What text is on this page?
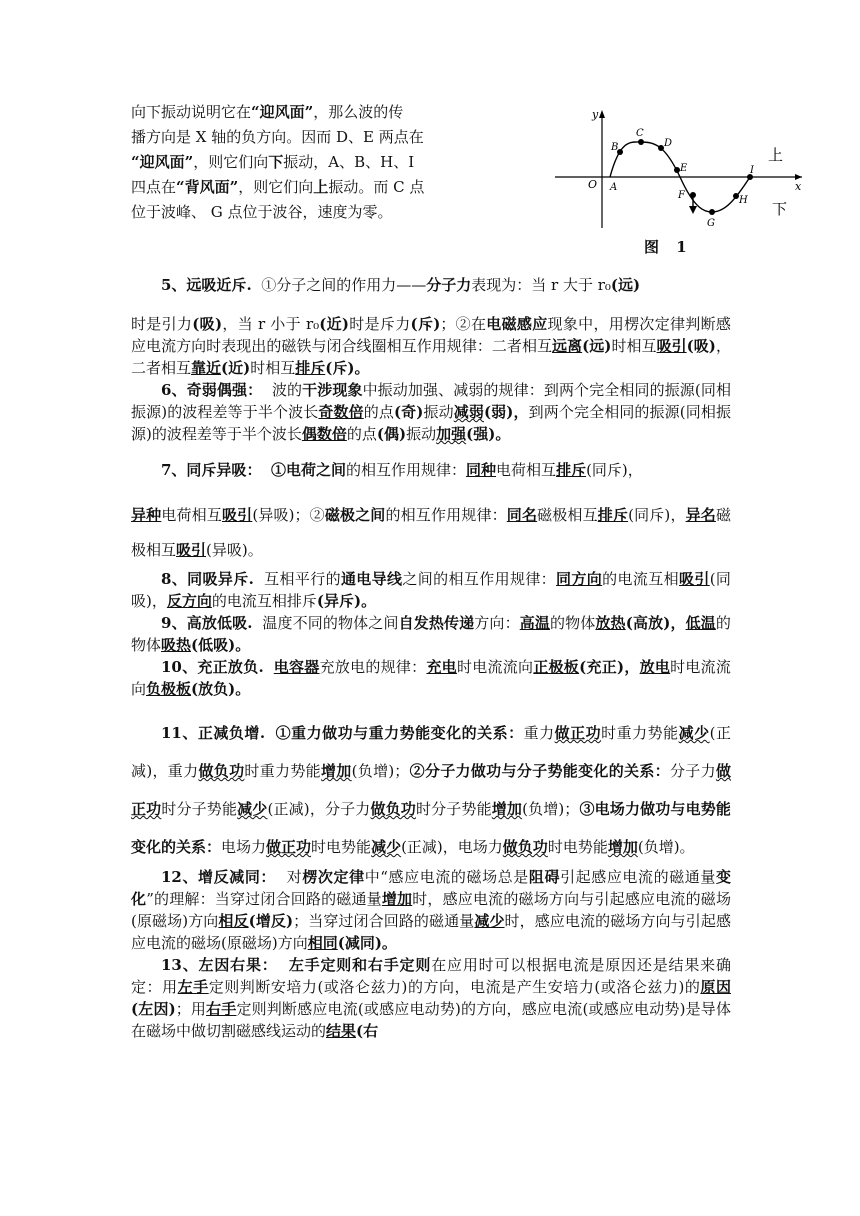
向下振动说明它在“迎风面”，那么波的传
播方向是 X 轴的负方向。因而 D、E 两点在
“迎风面”，则它们向下振动，A、B、H、I
四点在“背风面”，则它们向上振动。而 C 点
位于波峰、 G 点位于波谷，速度为零。
y
x
O A
B
C
D
E
F
G
H
I
上
下
图 1

5、远吸近斥. ①分子之间的作用力——分子力表现为：当 r 大于 r₀(远)

时是引力(吸)，当 r 小于 r₀(近)时是斥力(斥)；②在电磁感应现象中，用楞次定律判断感应电流方向时表现出的磁铁与闭合线圈相互作用规律：二者相互远离(远)时相互吸引(吸)，二者相互靠近(近)时相互排斥(斥)。

6、奇弱偶强： 波的干涉现象中振动加强、减弱的规律：到两个完全相同的振源(同相振源)的波程差等于半个波长奇数倍的点(奇)振动减弱(弱)，到两个完全相同的振源(同相振源)的波程差等于半个波长偶数倍的点(偶)振动加强(强)。

7、同斥异吸： ①电荷之间的相互作用规律：同种电荷相互排斥(同斥)，

异种电荷相互吸引(异吸)；②磁极之间的相互作用规律：同名磁极相互排斥(同斥)，异名磁极相互吸引(异吸)。

8、同吸异斥. 互相平行的通电导线之间的相互作用规律：同方向的电流互相吸引(同吸)，反方向的电流互相排斥(异斥)。

9、高放低吸. 温度不同的物体之间自发热传递方向：高温的物体放热(高放)，低温的物体吸热(低吸)。

10、充正放负. 电容器充放电的规律：充电时电流流向正极板(充正)，放电时电流流向负极板(放负)。

11、正减负增. ①重力做功与重力势能变化的关系：重力做正功时重力势能减少(正减)，重力做负功时重力势能增加(负增)；②分子力做功与分子势能变化的关系：分子力做正功时分子势能减少(正减)，分子力做负功时分子势能增加(负增)；③电场力做功与电势能变化的关系：电场力做正功时电势能减少(正减)，电场力做负功时电势能增加(负增)。

12、增反减同： 对楞次定律中“感应电流的磁场总是阻碍引起感应电流的磁通量变化”的理解：当穿过闭合回路的磁通量增加时，感应电流的磁场方向与引起感应电流的磁场(原磁场)方向相反(增反)；当穿过闭合回路的磁通量减少时，感应电流的磁场方向与引起感应电流的磁场(原磁场)方向相同(减同)。

13、左因右果： 左手定则和右手定则在应用时可以根据电流是原因还是结果来确定：用左手定则判断安培力(或洛仑兹力)的方向，电流是产生安培力(或洛仑兹力)的原因(左因)；用右手定则判断感应电流(或感应电动势)的方向，感应电流(或感应电动势)是导体在磁场中做切割磁感线运动的结果(右
